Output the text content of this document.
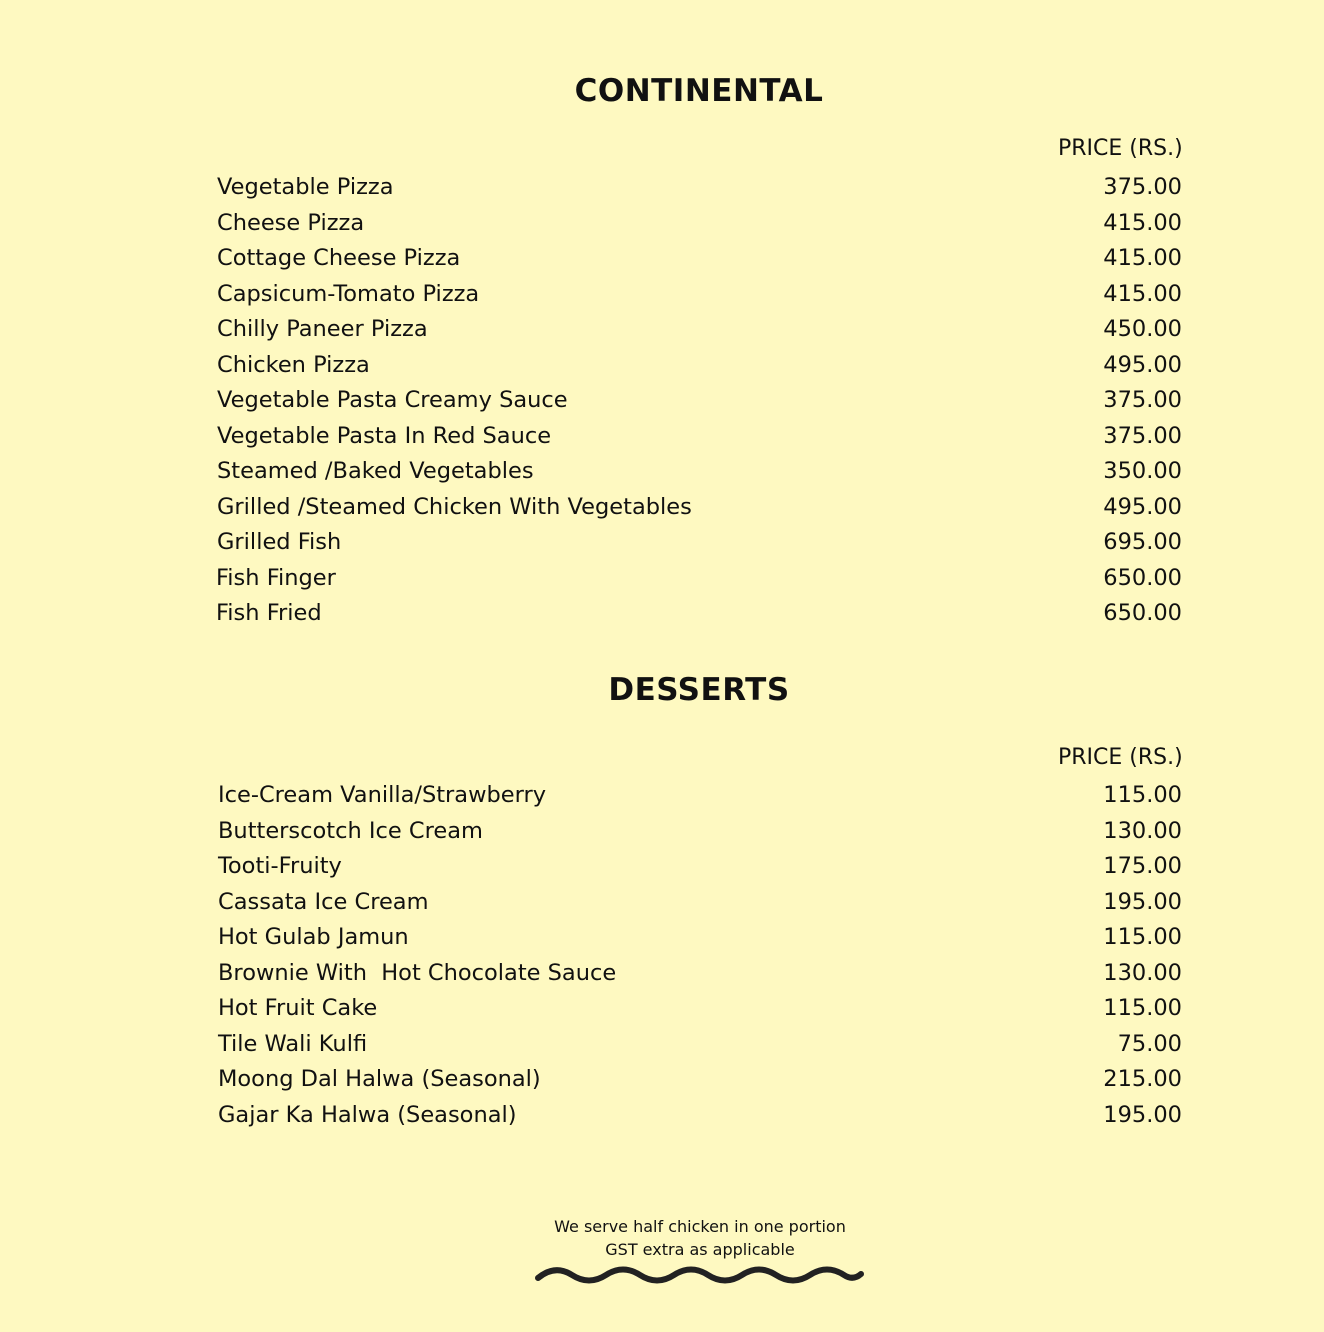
CONTINENTAL
PRICE (RS.)
Vegetable Pizza	375.00
Cheese Pizza	415.00
Cottage Cheese Pizza	415.00
Capsicum-Tomato Pizza	415.00
Chilly Paneer Pizza	450.00
Chicken Pizza	495.00
Vegetable Pasta Creamy Sauce	375.00
Vegetable Pasta In Red Sauce	375.00
Steamed /Baked Vegetables	350.00
Grilled /Steamed Chicken With Vegetables	495.00
Grilled Fish	695.00
Fish Finger	650.00
Fish Fried	650.00
DESSERTS
PRICE (RS.)
Ice-Cream Vanilla/Strawberry	115.00
Butterscotch Ice Cream	130.00
Tooti-Fruity	175.00
Cassata Ice Cream	195.00
Hot Gulab Jamun	115.00
Brownie With  Hot Chocolate Sauce	130.00
Hot Fruit Cake	115.00
Tile Wali Kulfi	75.00
Moong Dal Halwa (Seasonal)	215.00
Gajar Ka Halwa (Seasonal)	195.00
We serve half chicken in one portion
GST extra as applicable
